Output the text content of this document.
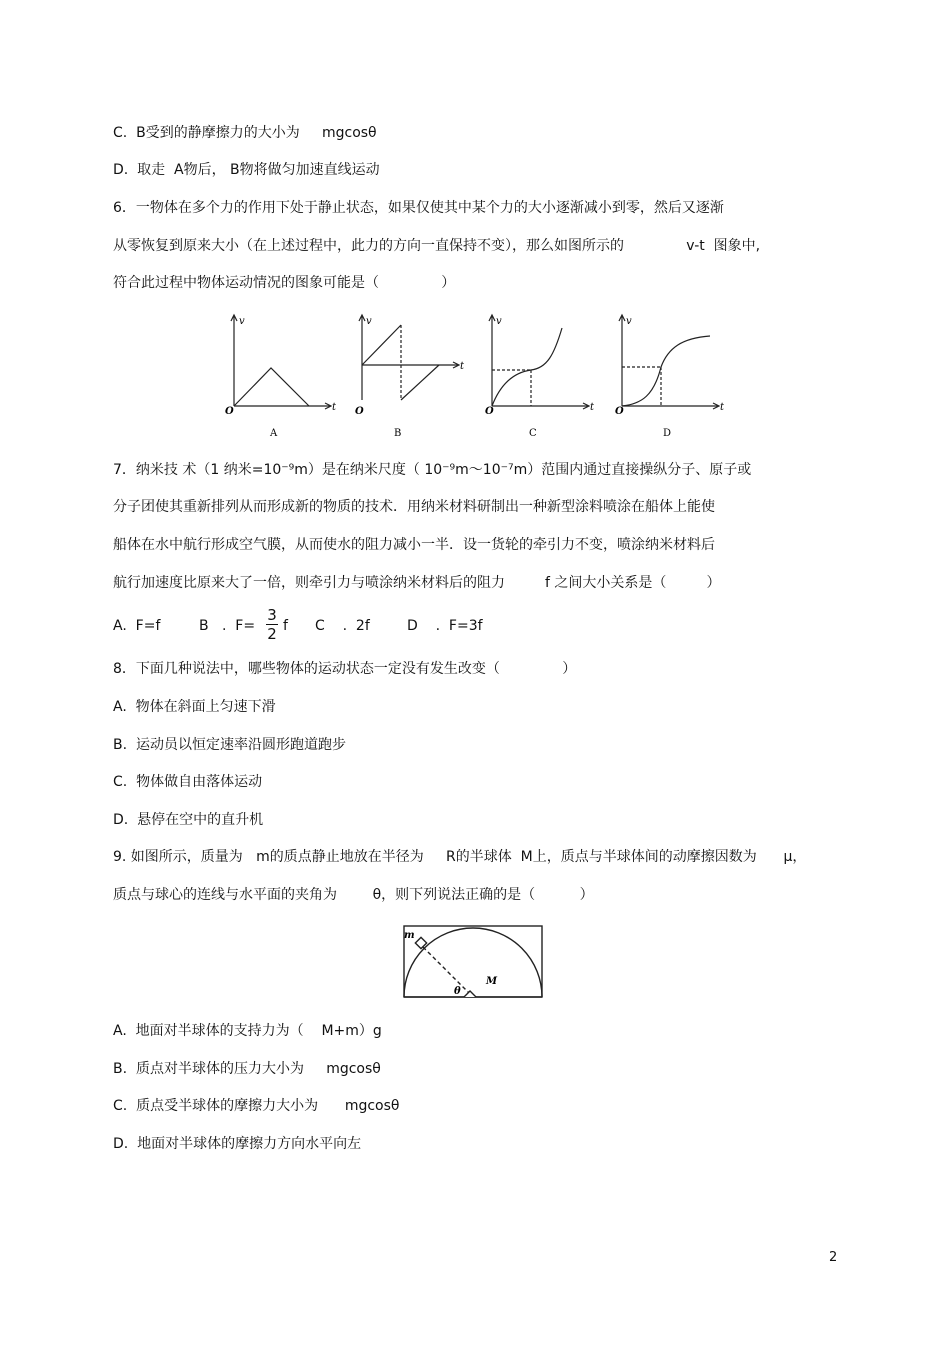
C.  B受到的静摩擦力的大小为     mgcosθ
D.  取走  A物后， B物将做匀加速直线运动
6．一物体在多个力的作用下处于静止状态，如果仅使其中某个力的大小逐渐减小到零，然后又逐渐
从零恢复到原来大小（在上述过程中，此力的方向一直保持不变），那么如图所示的              v-t  图象中,
符合此过程中物体运动情况的图象可能是（              ）
v
t
O
A
v
t
O
B
v
t
O
C
v
t
O
D
7．纳米技 术（1 纳米=10⁻⁹m）是在纳米尺度（ 10⁻⁹m～10⁻⁷m）范围内通过直接操纵分子、原子或
分子团使其重新排列从而形成新的物质的技术．用纳米材料研制出一种新型涂料喷涂在船体上能使
船体在水中航行形成空气膜，从而使水的阻力减小一半．设一货轮的牵引力不变，喷涂纳米材料后
航行加速度比原来大了一倍，则牵引力与喷涂纳米材料后的阻力         f 之间大小关系是（         ）
A.  F=f	B   .  F=
3
2 f C    .  2f	D    .  F=3f
8．下面几种说法中，哪些物体的运动状态一定没有发生改变（              ）
A.  物体在斜面上匀速下滑
B.  运动员以恒定速率沿圆形跑道跑步
C.  物体做自由落体运动
D.  悬停在空中的直升机
9. 如图所示，质量为   m的质点静止地放在半径为     R的半球体  M上，质点与半球体间的动摩擦因数为      μ，
质点与球心的连线与水平面的夹角为        θ，则下列说法正确的是（          ）
m
M
θ
A.  地面对半球体的支持力为（    M+m）g
B.  质点对半球体的压力大小为     mgcosθ
C.  质点受半球体的摩擦力大小为      mgcosθ
D.  地面对半球体的摩擦力方向水平向左
2
